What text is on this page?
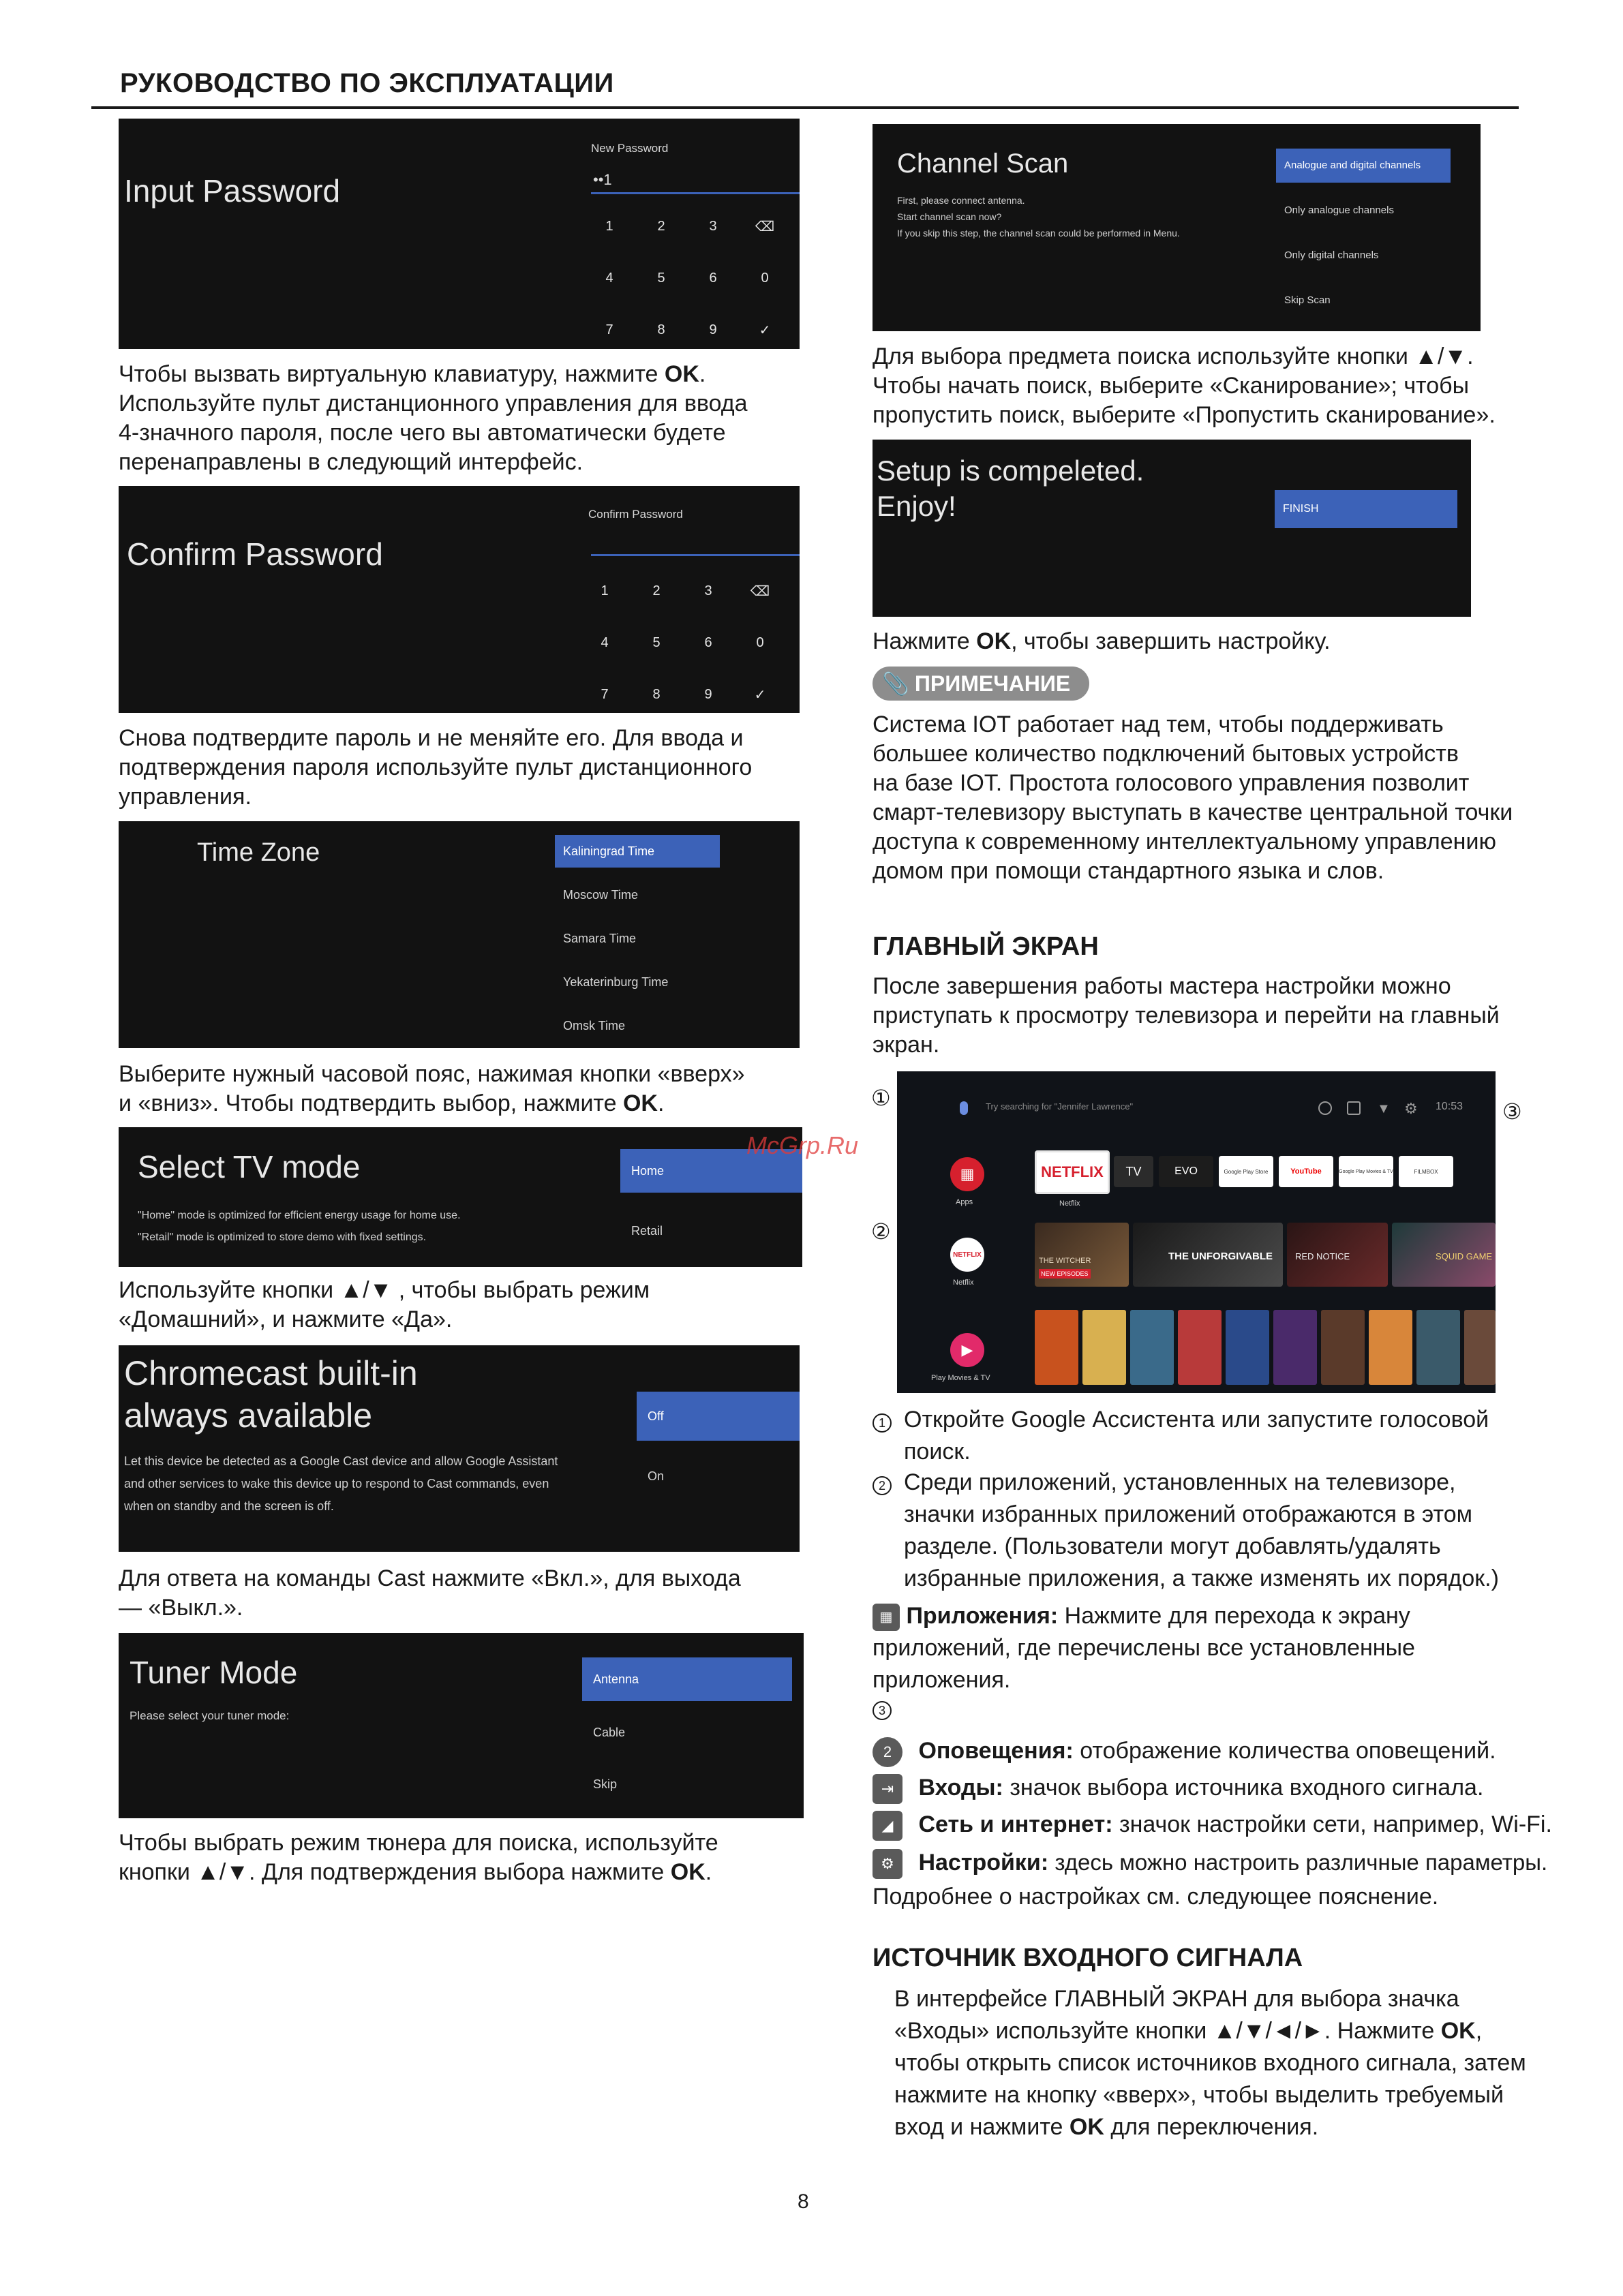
РУКОВОДСТВО ПО ЭКСПЛУАТАЦИИ
Input Password
New Password
••1
1	2	3	⌫
4	5	6	0
7	8	9	✓
Чтобы вызвать виртуальную клавиатуру, нажмите OK.
Используйте пульт дистанционного управления для ввода
4-значного пароля, после чего вы автоматически будете
перенаправлены в следующий интерфейс.
Confirm Password
Confirm Password
1	2	3	⌫
4	5	6	0
7	8	9	✓
Снова подтвердите пароль и не меняйте его. Для ввода и
подтверждения пароля используйте пульт дистанционного
управления.
Time Zone	Kaliningrad Time
Moscow Time
Samara Time
Yekaterinburg Time
Omsk Time
Выберите нужный часовой пояс, нажимая кнопки «вверх»
и «вниз». Чтобы подтвердить выбор, нажмите OK.
Select TV mode
"Home" mode is optimized for efficient energy usage for home use.
"Retail" mode is optimized to store demo with fixed settings.
Home
Retail
Используйте кнопки ▲/▼ , чтобы выбрать режим
«Домашний», и нажмите «Да».
Chromecast built-in
always available
Let this device be detected as a Google Cast device and allow Google Assistant and other services to wake this device up to respond to Cast commands, even when on standby and the screen is off.
Off
On
Для ответа на команды Cast нажмите «Вкл.», для выхода
— «Выкл.».
Tuner Mode
Please select your tuner mode:
Antenna
Cable
Skip
Чтобы выбрать режим тюнера для поиска, используйте
кнопки ▲/▼. Для подтверждения выбора нажмите OK.
Channel Scan
First, please connect antenna.
Start channel scan now?
If you skip this step, the channel scan could be performed in Menu.
Analogue and digital channels
Only analogue channels
Only digital channels
Skip Scan
Для выбора предмета поиска используйте кнопки ▲/▼.
Чтобы начать поиск, выберите «Сканирование»; чтобы
пропустить поиск, выберите «Пропустить сканирование».
Setup is compeleted.
Enjoy!	FINISH
Нажмите OK, чтобы завершить настройку.
📎 ПРИМЕЧАНИЕ
Система IOT работает над тем, чтобы поддерживать
большее количество подключений бытовых устройств
на базе IOT. Простота голосового управления позволит
смарт-телевизору выступать в качестве центральной точки
доступа к современному интеллектуальному управлению
домом при помощи стандартного языка и слов.
ГЛАВНЫЙ ЭКРАН
После завершения работы мастера настройки можно
приступать к просмотру телевизора и перейти на главный
экран.
①
②
③
Try searching for "Jennifer Lawrence"	▼ ⚙ 10:53
▦
Apps
NETFLIX
Netflix
▶
Play Movies & TV
NETFLIX
Netflix
TV	EVO	Google Play Store	YouTube	Google Play Movies & TV	FILMBOX
THE WITCHER
NEW EPISODES
THE UNFORGIVABLE	RED NOTICE	SQUID GAME
1 Откройте Google Ассистента или запустите голосовой

поиск.
2 Среди приложений, установленных на телевизоре,
значки избранных приложений отображаются в этом
разделе. (Пользователи могут добавлять/удалять
избранные приложения, а также изменять их порядок.)
▦ Приложения: Нажмите для перехода к экрану
приложений, где перечислены все установленные
приложения.
3
2 Оповещения: отображение количества оповещений.
⇥ Входы: значок выбора источника входного сигнала.
◢ Сеть и интернет: значок настройки сети, например, Wi-Fi.
⚙ Настройки: здесь можно настроить различные параметры.
Подробнее о настройках см. следующее пояснение.
ИСТОЧНИК ВХОДНОГО СИГНАЛА
В интерфейсе ГЛАВНЫЙ ЭКРАН для выбора значка
«Входы» используйте кнопки ▲/▼/◄/►. Нажмите OK,
чтобы открыть список источников входного сигнала, затем
нажмите на кнопку «вверх», чтобы выделить требуемый
вход и нажмите OK для переключения.
McGrp.Ru
8
